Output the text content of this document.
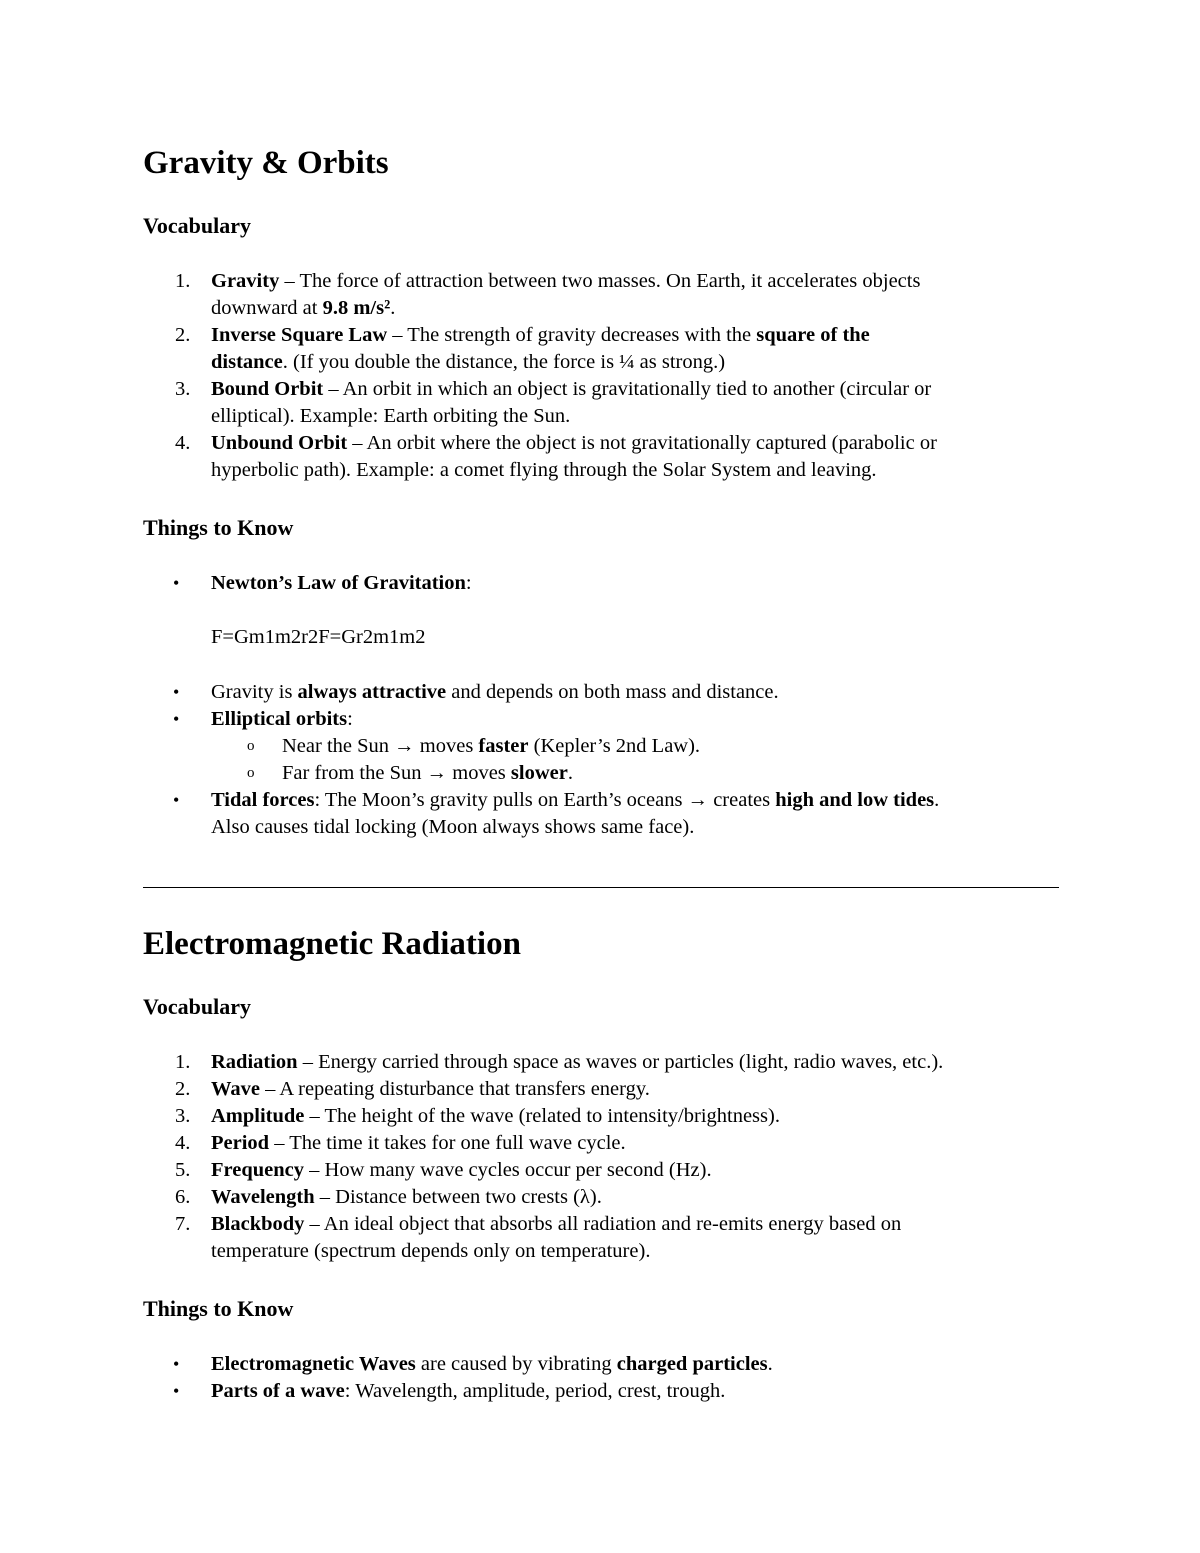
Gravity & Orbits
Vocabulary
1.	Gravity – The force of attraction between two masses. On Earth, it accelerates objects
downward at 9.8 m/s².
2.	Inverse Square Law – The strength of gravity decreases with the square of the
distance. (If you double the distance, the force is ¼ as strong.)
3.	Bound Orbit – An orbit in which an object is gravitationally tied to another (circular or
elliptical). Example: Earth orbiting the Sun.
4.	Unbound Orbit – An orbit where the object is not gravitationally captured (parabolic or
hyperbolic path). Example: a comet flying through the Solar System and leaving.
Things to Know
• Newton’s Law of Gravitation:
F=Gm1m2r2F=Gr2m1m2
• Gravity is always attractive and depends on both mass and distance.
• Elliptical orbits:
o Near the Sun → moves faster (Kepler’s 2nd Law).
o Far from the Sun → moves slower.
• Tidal forces: The Moon’s gravity pulls on Earth’s oceans → creates high and low tides.
Also causes tidal locking (Moon always shows same face).
Electromagnetic Radiation
Vocabulary
1.	Radiation – Energy carried through space as waves or particles (light, radio waves, etc.).
2.	Wave – A repeating disturbance that transfers energy.
3.	Amplitude – The height of the wave (related to intensity/brightness).
4.	Period – The time it takes for one full wave cycle.
5.	Frequency – How many wave cycles occur per second (Hz).
6.	Wavelength – Distance between two crests (λ).
7.	Blackbody – An ideal object that absorbs all radiation and re-emits energy based on
temperature (spectrum depends only on temperature).
Things to Know
• Electromagnetic Waves are caused by vibrating charged particles.
• Parts of a wave: Wavelength, amplitude, period, crest, trough.
